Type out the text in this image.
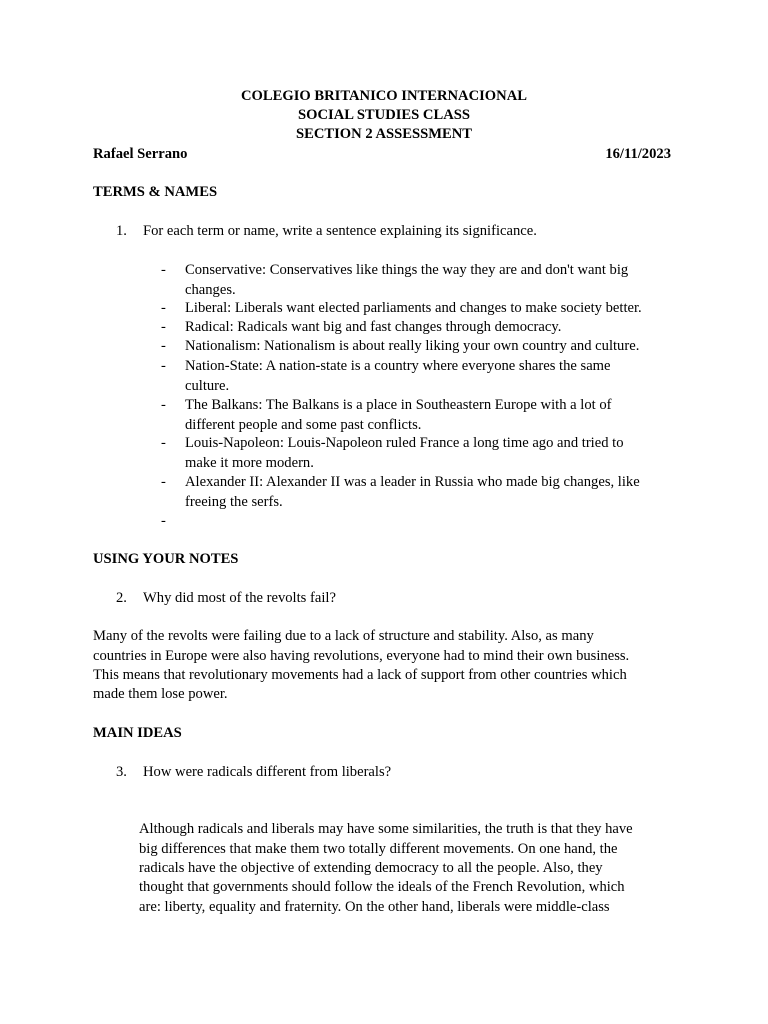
COLEGIO BRITANICO INTERNACIONAL
SOCIAL STUDIES CLASS
SECTION 2 ASSESSMENT
Rafael Serrano	16/11/2023
TERMS & NAMES
1. For each term or name, write a sentence explaining its significance.
- Conservative: Conservatives like things the way they are and don't want big
changes.
- Liberal: Liberals want elected parliaments and changes to make society better.
- Radical: Radicals want big and fast changes through democracy.
- Nationalism: Nationalism is about really liking your own country and culture.
- Nation-State: A nation-state is a country where everyone shares the same
culture.
- The Balkans: The Balkans is a place in Southeastern Europe with a lot of
different people and some past conflicts.
- Louis-Napoleon: Louis-Napoleon ruled France a long time ago and tried to
make it more modern.
- Alexander II: Alexander II was a leader in Russia who made big changes, like
freeing the serfs.
-
USING YOUR NOTES
2. Why did most of the revolts fail?
Many of the revolts were failing due to a lack of structure and stability. Also, as many
countries in Europe were also having revolutions, everyone had to mind their own business.
This means that revolutionary movements had a lack of support from other countries which
made them lose power.
MAIN IDEAS
3. How were radicals different from liberals?
Although radicals and liberals may have some similarities, the truth is that they have
big differences that make them two totally different movements. On one hand, the
radicals have the objective of extending democracy to all the people. Also, they
thought that governments should follow the ideals of the French Revolution, which
are: liberty, equality and fraternity. On the other hand, liberals were middle-class
